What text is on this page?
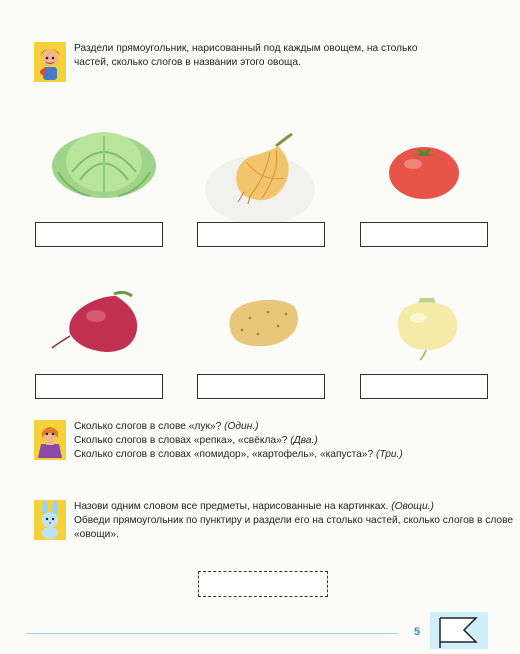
Раздели прямоугольник, нарисованный под каждым овощем, на столько

частей, сколько слогов в названии этого овоща.

Сколько слогов в слове «лук»? (Один.)

Сколько слогов в словах «репка», «свёкла»? (Два.)

Сколько слогов в словах «помидор», «картофель», «капуста»? (Три.)

Назови одним словом все предметы, нарисованные на картинках. (Овощи.)

Обведи прямоугольник по пунктиру и раздели его на столько частей, сколько слогов в слове «овощи».

5
